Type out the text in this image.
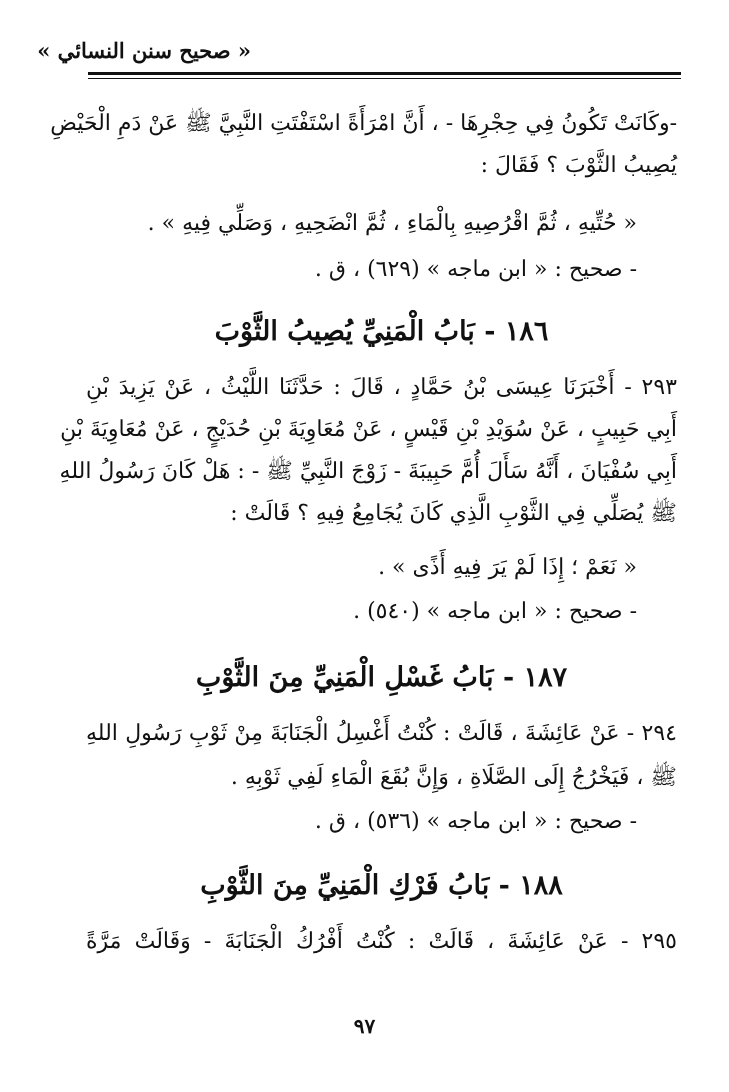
« صحيح سنن النسائي »
-وكَانَتْ تَكُونُ فِي حِجْرِهَا - ، أَنَّ امْرَأَةً اسْتَفْتَتِ النَّبِيَّ ﷺ عَنْ دَمِ الْحَيْضِ
يُصِيبُ الثَّوْبَ ؟ فَقَالَ :
« حُتِّيهِ ، ثُمَّ اقْرُصِيهِ بِالْمَاءِ ، ثُمَّ انْضَحِيهِ ، وَصَلِّي فِيهِ » .
- صحيح : « ابن ماجه » (٦٢٩) ، ق .
١٨٦ - بَابُ الْمَنِيِّ يُصِيبُ الثَّوْبَ
٢٩٣ - أَخْبَرَنَا عِيسَى بْنُ حَمَّادٍ ، قَالَ : حَدَّثَنَا اللَّيْثُ ، عَنْ يَزِيدَ بْنِ
أَبِي حَبِيبٍ ، عَنْ سُوَيْدِ بْنِ قَيْسٍ ، عَنْ مُعَاوِيَةَ بْنِ حُدَيْجٍ ، عَنْ مُعَاوِيَةَ بْنِ
أَبِي سُفْيَانَ ، أَنَّهُ سَأَلَ أُمَّ حَبِيبَةَ - زَوْجَ النَّبِيِّ ﷺ - : هَلْ كَانَ رَسُولُ اللهِ
ﷺ يُصَلِّي فِي الثَّوْبِ الَّذِي كَانَ يُجَامِعُ فِيهِ ؟ قَالَتْ :
« نَعَمْ ؛ إِذَا لَمْ يَرَ فِيهِ أَذًى » .
- صحيح : « ابن ماجه » (٥٤٠) .
١٨٧ - بَابُ غَسْلِ الْمَنِيِّ مِنَ الثَّوْبِ
٢٩٤ - عَنْ عَائِشَةَ ، قَالَتْ : كُنْتُ أَغْسِلُ الْجَنَابَةَ مِنْ ثَوْبِ رَسُولِ اللهِ
ﷺ ، فَيَخْرُجُ إِلَى الصَّلَاةِ ، وَإِنَّ بُقَعَ الْمَاءِ لَفِي ثَوْبِهِ .
- صحيح : « ابن ماجه » (٥٣٦) ، ق .
١٨٨ - بَابُ فَرْكِ الْمَنِيِّ مِنَ الثَّوْبِ
٢٩٥ - عَنْ عَائِشَةَ ، قَالَتْ : كُنْتُ أَفْرُكُ الْجَنَابَةَ - وَقَالَتْ مَرَّةً
٩٧
